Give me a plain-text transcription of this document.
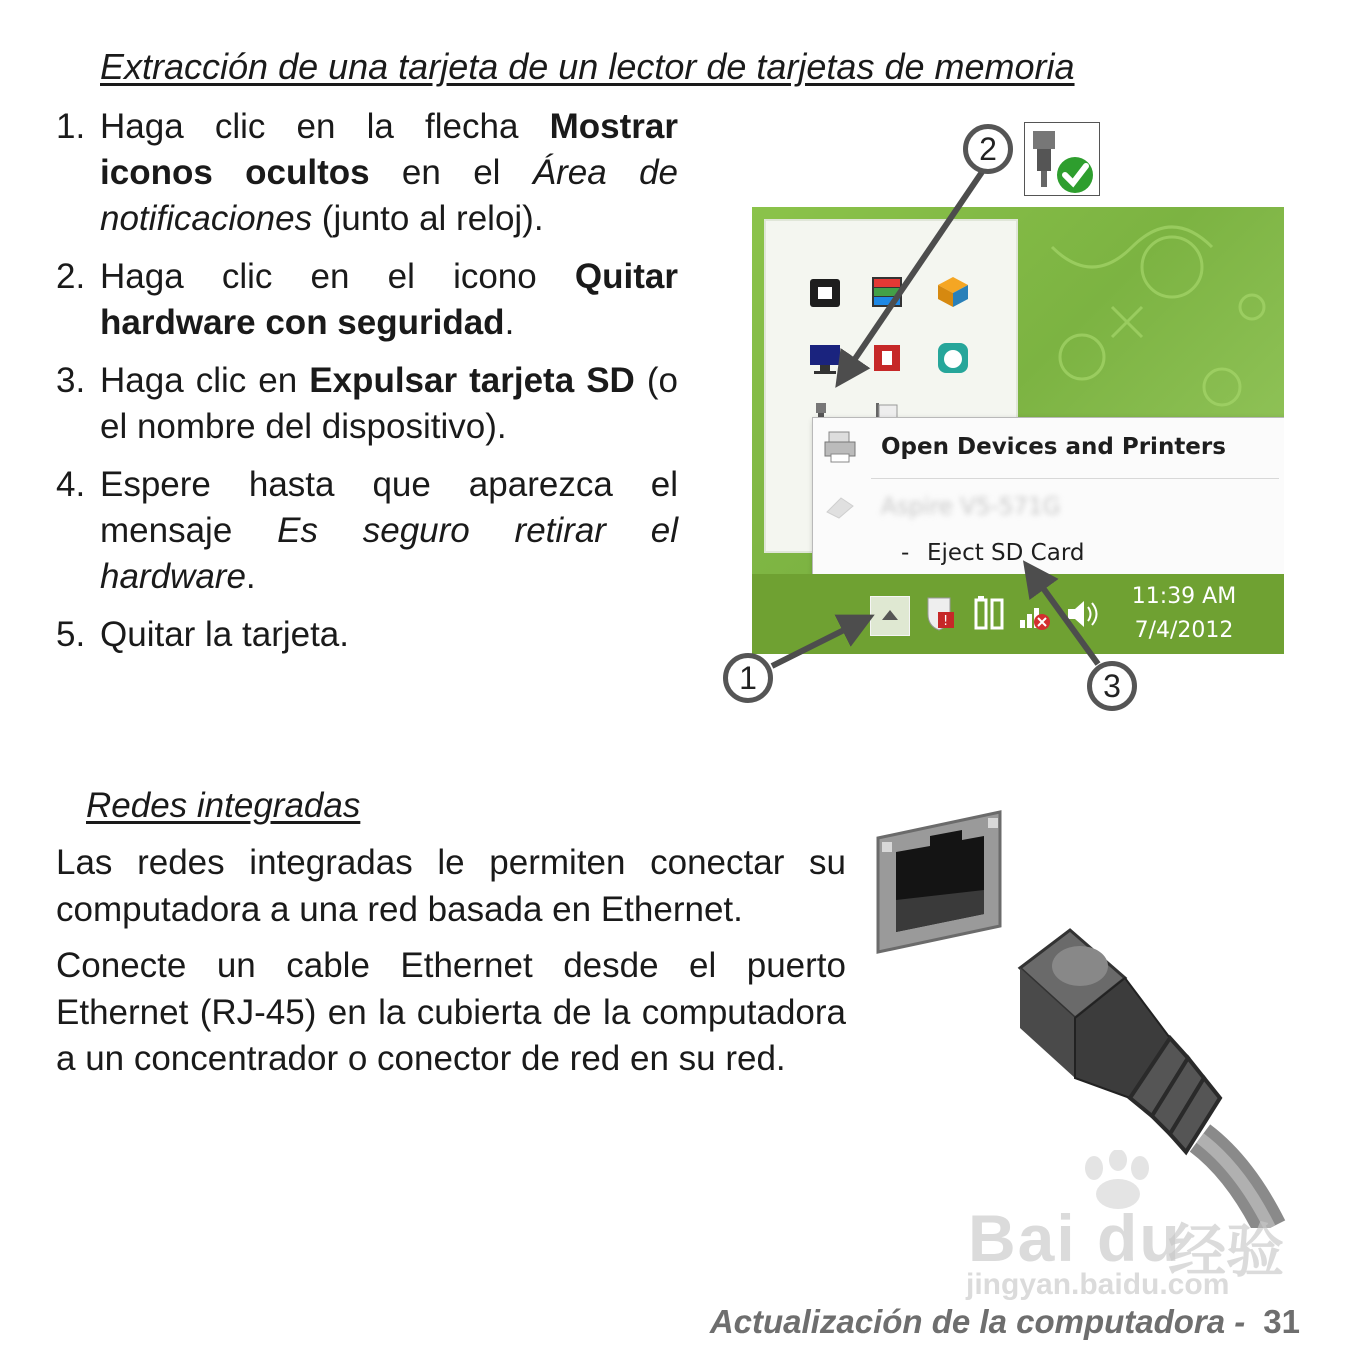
Extracción de una tarjeta de un lector de tarjetas de memoria
1. Haga clic en la flecha Mostrar iconos ocultos en el Área de notificaciones (junto al reloj).
2. Haga clic en el icono Quitar hardware con seguridad.
3. Haga clic en Expulsar tarjeta SD (o el nombre del dispositivo).
4. Espere hasta que aparezca el mensaje Es seguro retirar el hardware.
5. Quitar la tarjeta.
Open Devices and Printers
Aspire V5-571G
- Eject SD Card
!
11:39 AM
7/4/2012
2
1	3
Redes integradas
Las redes integradas le permiten conectar su computadora a una red basada en Ethernet.
Conecte un cable Ethernet desde el puerto Ethernet (RJ-45) en la cubierta de la computadora a un concentrador o conector de red en su red.
Bai du
经验
jingyan.baidu.com
Actualización de la computadora - 31
